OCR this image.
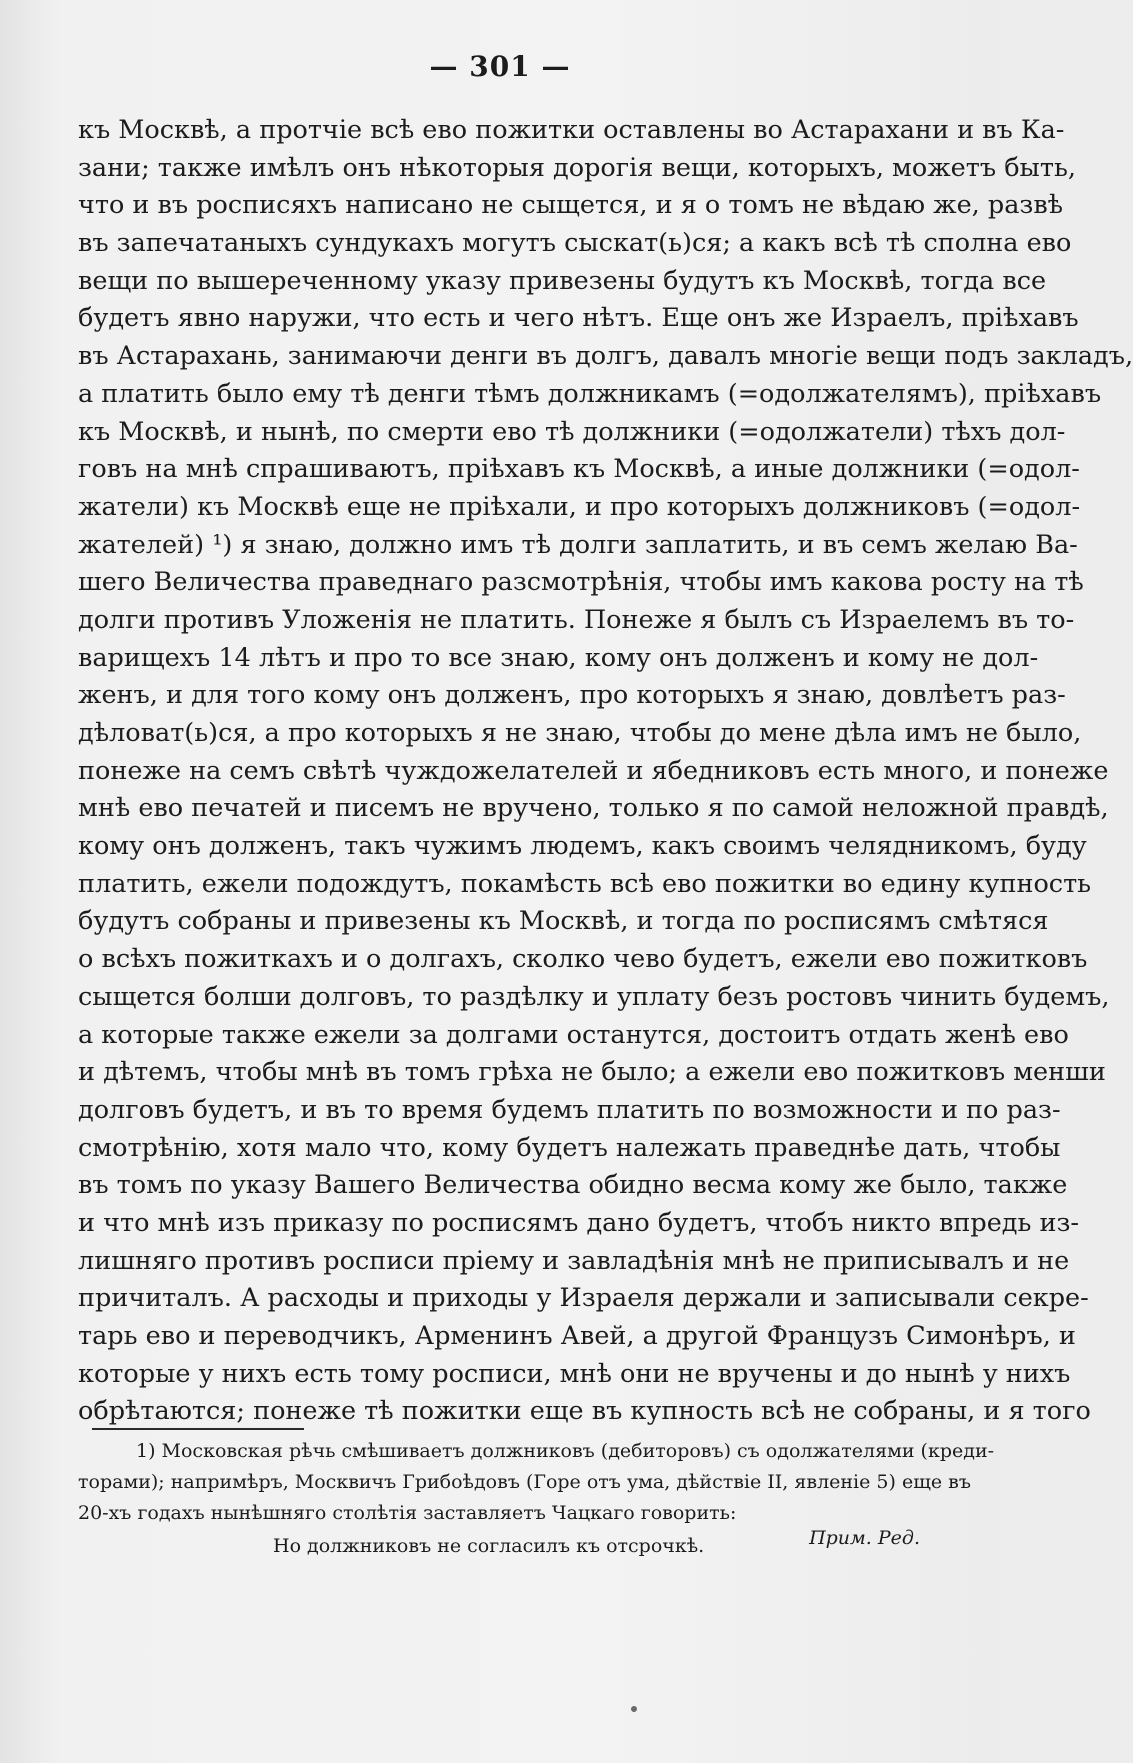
— 301 —
къ Москвѣ, а протчіе всѣ ево пожитки оставлены во Астарахани и въ Ка-
зани; также имѣлъ онъ нѣкоторыя дорогія вещи, которыхъ, можетъ быть,
что и въ росписяхъ написано не сыщется, и я о томъ не вѣдаю же, развѣ
въ запечатаныхъ сундукахъ могутъ сыскат(ь)ся; а какъ всѣ тѣ сполна ево
вещи по вышереченному указу привезены будутъ къ Москвѣ, тогда все
будетъ явно наружи, что есть и чего нѣтъ. Еще онъ же Израелъ, пріѣхавъ
въ Астарахань, занимаючи денги въ долгъ, давалъ многіе вещи подъ закладъ,
а платить было ему тѣ денги тѣмъ должникамъ (=одолжателямъ), пріѣхавъ
къ Москвѣ, и нынѣ, по смерти ево тѣ должники (=одолжатели) тѣхъ дол-
говъ на мнѣ спрашиваютъ, пріѣхавъ къ Москвѣ, а иные должники (=одол-
жатели) къ Москвѣ еще не пріѣхали, и про которыхъ должниковъ (=одол-
жателей) ¹) я знаю, должно имъ тѣ долги заплатить, и въ семъ желаю Ва-
шего Величества праведнаго разсмотрѣнія, чтобы имъ какова росту на тѣ
долги противъ Уложенія не платить. Понеже я былъ съ Израелемъ въ то-
варищехъ 14 лѣтъ и про то все знаю, кому онъ долженъ и кому не дол-
женъ, и для того кому онъ долженъ, про которыхъ я знаю, довлѣетъ раз-
дѣловат(ь)ся, а про которыхъ я не знаю, чтобы до мене дѣла имъ не было,
понеже на семъ свѣтѣ чуждожелателей и ябедниковъ есть много, и понеже
мнѣ ево печатей и писемъ не вручено, только я по самой неложной правдѣ,
кому онъ долженъ, такъ чужимъ людемъ, какъ своимъ челядникомъ, буду
платить, ежели подождутъ, покамѣсть всѣ ево пожитки во едину купность
будутъ собраны и привезены къ Москвѣ, и тогда по росписямъ смѣтяся
о всѣхъ пожиткахъ и о долгахъ, сколко чево будетъ, ежели ево пожитковъ
сыщется болши долговъ, то раздѣлку и уплату безъ ростовъ чинить будемъ,
а которые также ежели за долгами останутся, достоитъ отдать женѣ ево
и дѣтемъ, чтобы мнѣ въ томъ грѣха не было; а ежели ево пожитковъ менши
долговъ будетъ, и въ то время будемъ платить по возможности и по раз-
смотрѣнію, хотя мало что, кому будетъ належать праведнѣе дать, чтобы
въ томъ по указу Вашего Величества обидно весма кому же было, также
и что мнѣ изъ приказу по росписямъ дано будетъ, чтобъ никто впредь из-
лишняго противъ росписи пріему и завладѣнія мнѣ не приписывалъ и не
причиталъ. А расходы и приходы у Израеля держали и записывали секре-
тарь ево и переводчикъ, Арменинъ Авей, а другой Французъ Симонѣръ, и
которые у нихъ есть тому росписи, мнѣ они не вручены и до нынѣ у нихъ
обрѣтаются; понеже тѣ пожитки еще въ купность всѣ не собраны, и я того
1) Московская рѣчь смѣшиваетъ должниковъ (дебиторовъ) съ одолжателями (креди-
торами); напримѣръ, Москвичъ Грибоѣдовъ (Горе отъ ума, дѣйствіе II, явленіе 5) еще въ
20-хъ годахъ нынѣшняго столѣтія заставляетъ Чацкаго говорить:
Но должниковъ не согласилъ къ отсрочкѣ.	Прим. Ред.
